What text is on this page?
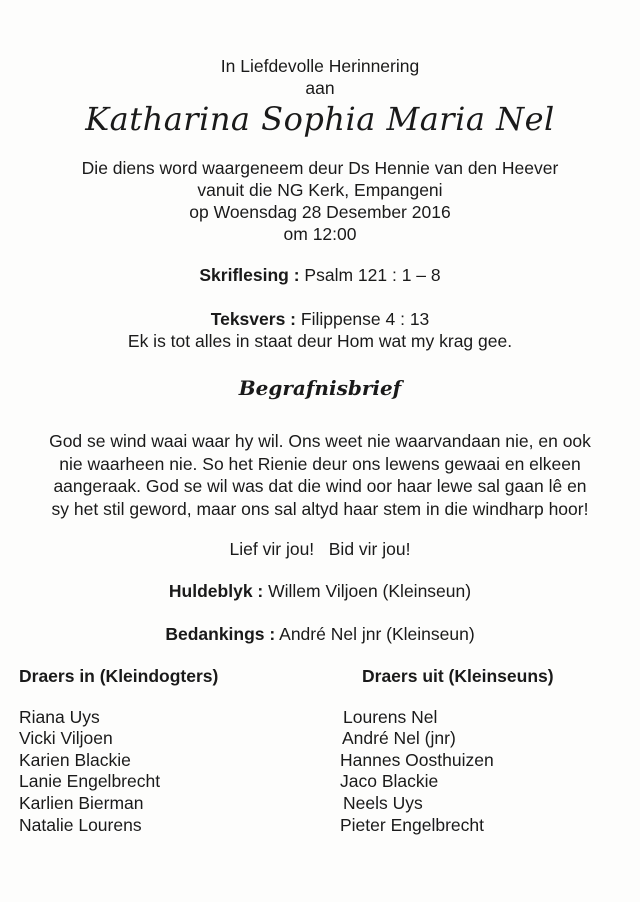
In Liefdevolle Herinnering
aan
Katharina Sophia Maria Nel
Die diens word waargeneem deur Ds Hennie van den Heever
vanuit die NG Kerk, Empangeni
op Woensdag 28 Desember 2016
om 12:00
Skriflesing : Psalm 121 : 1 – 8
Teksvers : Filippense 4 : 13
Ek is tot alles in staat deur Hom wat my krag gee.
Begrafnisbrief
God se wind waai waar hy wil. Ons weet nie waarvandaan nie, en ook
nie waarheen nie. So het Rienie deur ons lewens gewaai en elkeen
aangeraak. God se wil was dat die wind oor haar lewe sal gaan lê en
sy het stil geword, maar ons sal altyd haar stem in die windharp hoor!
Lief vir jou!   Bid vir jou!
Huldeblyk : Willem Viljoen (Kleinseun)
Bedankings : André Nel jnr (Kleinseun)
Draers in (Kleindogters)
Riana Uys
Vicki Viljoen
Karien Blackie
Lanie Engelbrecht
Karlien Bierman
Natalie Lourens
Draers uit (Kleinseuns)
Lourens Nel
André Nel (jnr)
Hannes Oosthuizen
Jaco Blackie
Neels Uys
Pieter Engelbrecht
